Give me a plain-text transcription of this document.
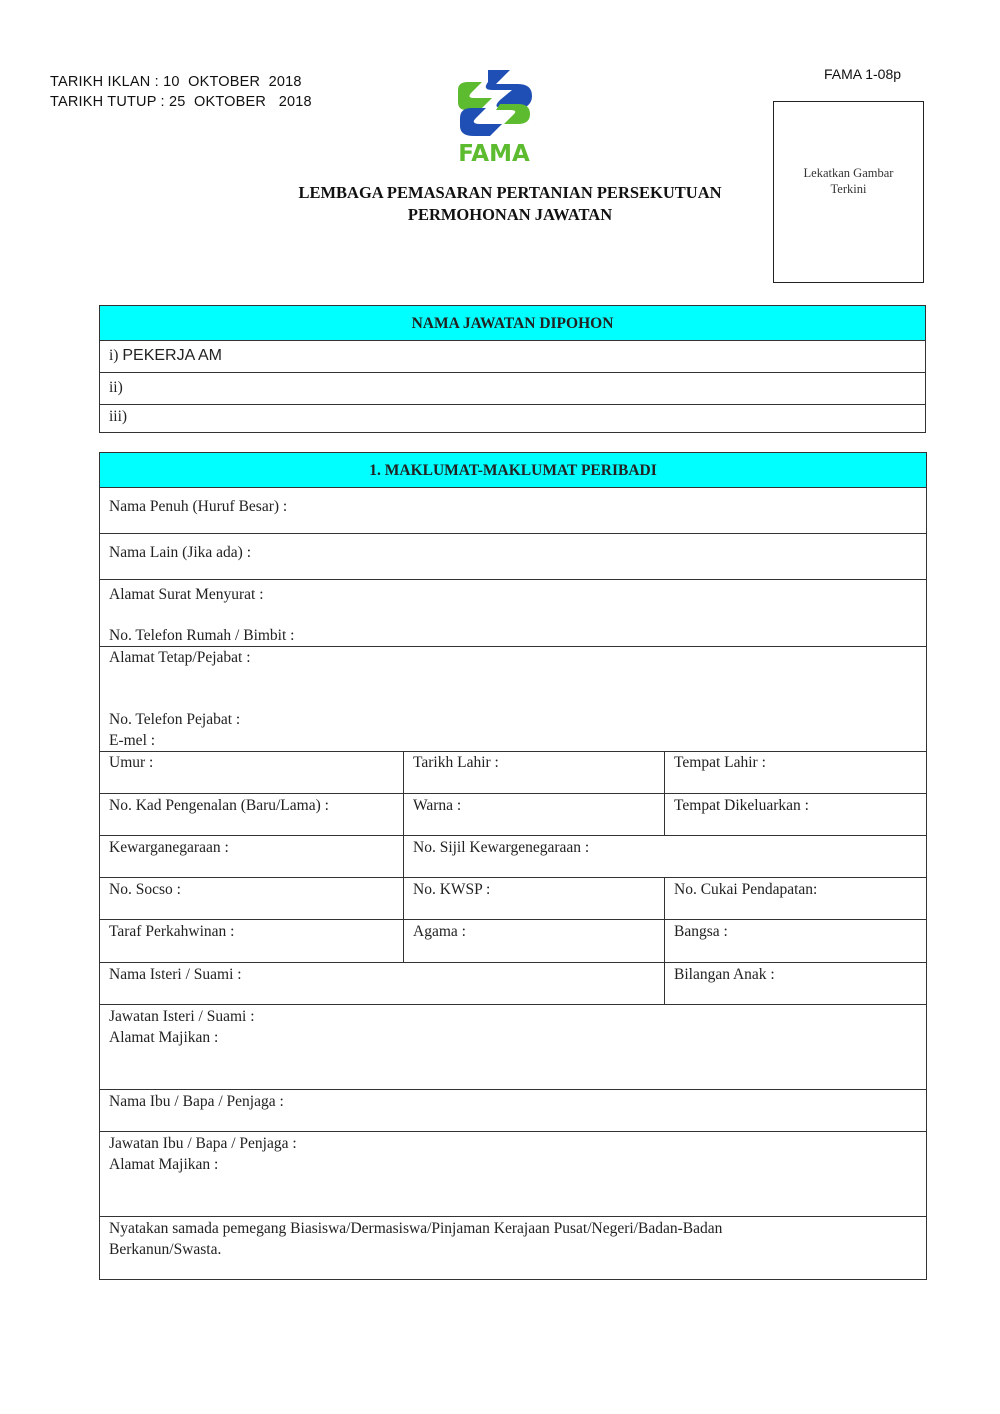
TARIKH IKLAN : 10  OKTOBER  2018
TARIKH TUTUP : 25  OKTOBER   2018
FAMA 1-08p
FAMA
LEMBAGA PEMASARAN PERTANIAN PERSEKUTUAN
PERMOHONAN JAWATAN
Lekatkan Gambar
Terkini
NAMA JAWATAN DIPOHON
i) PEKERJA AM
ii)
iii)
1. MAKLUMAT-MAKLUMAT PERIBADI		
Nama Penuh (Huruf Besar) :		
Nama Lain (Jika ada) :		

Alamat Surat Menyurat :
No. Telefon Rumah / Bimbit :		

Alamat Tetap/Pejabat :
No. Telefon Pejabat :
E-mel :		

Umur :	Tarikh Lahir :	Tempat Lahir :
No. Kad Pengenalan (Baru/Lama) :	Warna :	Tempat Dikeluarkan :
Kewarganegaraan :	No. Sijil Kewargenegaraan :	
No. Socso :	No. KWSP :	No. Cukai Pendapatan:
Taraf Perkahwinan :	Agama :	Bangsa :
Nama Isteri / Suami :		Bilangan Anak :

Jawatan Isteri / Suami :
Alamat Majikan :		

Nama Ibu / Bapa / Penjaga :		

Jawatan Ibu / Bapa / Penjaga :
Alamat Majikan :		

Nyatakan samada pemegang Biasiswa/Dermasiswa/Pinjaman Kerajaan Pusat/Negeri/Badan-Badan Berkanun/Swasta.		
